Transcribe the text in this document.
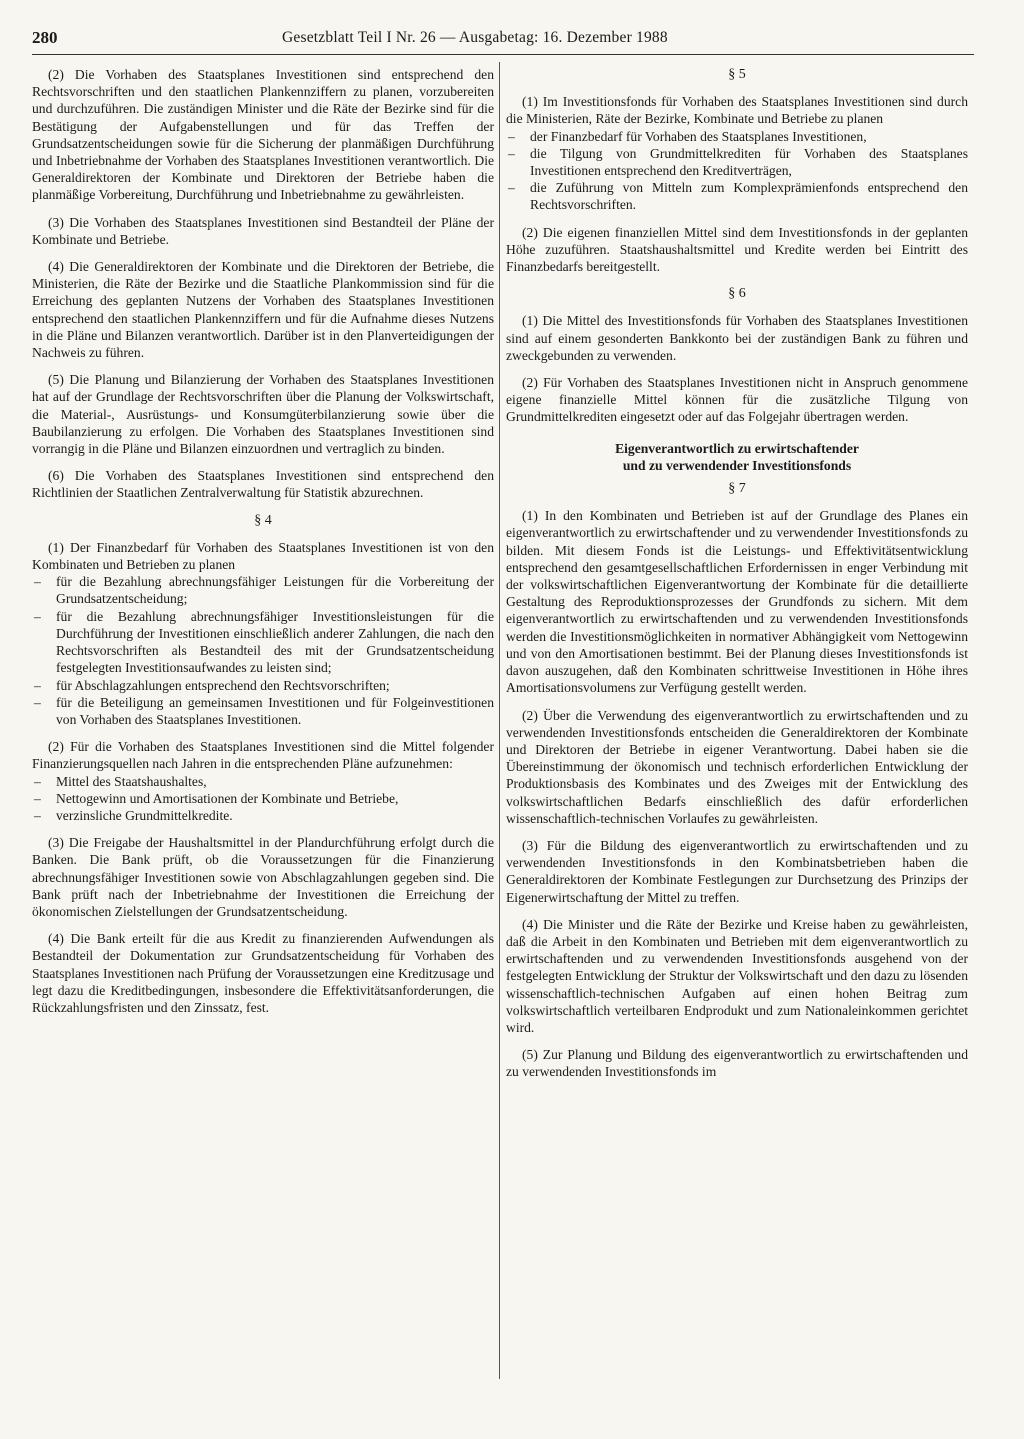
280	Gesetzblatt Teil I Nr. 26 — Ausgabetag: 16. Dezember 1988

(2) Die Vorhaben des Staatsplanes Investitionen sind entsprechend den Rechtsvorschriften und den staatlichen Plankennziffern zu planen, vorzubereiten und durchzuführen. Die zuständigen Minister und die Räte der Bezirke sind für die Bestätigung der Aufgabenstellungen und für das Treffen der Grundsatzentscheidungen sowie für die Sicherung der planmäßigen Durchführung und Inbetriebnahme der Vorhaben des Staatsplanes Investitionen verantwortlich. Die Generaldirektoren der Kombinate und Direktoren der Betriebe haben die planmäßige Vorbereitung, Durchführung und Inbetriebnahme zu gewährleisten.

(3) Die Vorhaben des Staatsplanes Investitionen sind Bestandteil der Pläne der Kombinate und Betriebe.

(4) Die Generaldirektoren der Kombinate und die Direktoren der Betriebe, die Ministerien, die Räte der Bezirke und die Staatliche Plankommission sind für die Erreichung des geplanten Nutzens der Vorhaben des Staatsplanes Investitionen entsprechend den staatlichen Plankennziffern und für die Aufnahme dieses Nutzens in die Pläne und Bilanzen verantwortlich. Darüber ist in den Planverteidigungen der Nachweis zu führen.

(5) Die Planung und Bilanzierung der Vorhaben des Staatsplanes Investitionen hat auf der Grundlage der Rechtsvorschriften über die Planung der Volkswirtschaft, die Material-, Ausrüstungs- und Konsumgüterbilanzierung sowie über die Baubilanzierung zu erfolgen. Die Vorhaben des Staatsplanes Investitionen sind vorrangig in die Pläne und Bilanzen einzuordnen und vertraglich zu binden.

(6) Die Vorhaben des Staatsplanes Investitionen sind entsprechend den Richtlinien der Staatlichen Zentralverwaltung für Statistik abzurechnen.

§ 4

(1) Der Finanzbedarf für Vorhaben des Staatsplanes Investitionen ist von den Kombinaten und Betrieben zu planen

– für die Bezahlung abrechnungsfähiger Leistungen für die Vorbereitung der Grundsatzentscheidung;
– für die Bezahlung abrechnungsfähiger Investitionsleistungen für die Durchführung der Investitionen einschließlich anderer Zahlungen, die nach den Rechtsvorschriften als Bestandteil des mit der Grundsatzentscheidung festgelegten Investitionsaufwandes zu leisten sind;
– für Abschlagzahlungen entsprechend den Rechtsvorschriften;
– für die Beteiligung an gemeinsamen Investitionen und für Folgeinvestitionen von Vorhaben des Staatsplanes Investitionen.

(2) Für die Vorhaben des Staatsplanes Investitionen sind die Mittel folgender Finanzierungsquellen nach Jahren in die entsprechenden Pläne aufzunehmen:

– Mittel des Staatshaushaltes,
– Nettogewinn und Amortisationen der Kombinate und Betriebe,
– verzinsliche Grundmittelkredite.

(3) Die Freigabe der Haushaltsmittel in der Plandurchführung erfolgt durch die Banken. Die Bank prüft, ob die Voraussetzungen für die Finanzierung abrechnungsfähiger Investitionen sowie von Abschlagzahlungen gegeben sind. Die Bank prüft nach der Inbetriebnahme der Investitionen die Erreichung der ökonomischen Zielstellungen der Grundsatzentscheidung.

(4) Die Bank erteilt für die aus Kredit zu finanzierenden Aufwendungen als Bestandteil der Dokumentation zur Grundsatzentscheidung für Vorhaben des Staatsplanes Investitionen nach Prüfung der Voraussetzungen eine Kreditzusage und legt dazu die Kreditbedingungen, insbesondere die Effektivitätsanforderungen, die Rückzahlungsfristen und den Zinssatz, fest.

§ 5

(1) Im Investitionsfonds für Vorhaben des Staatsplanes Investitionen sind durch die Ministerien, Räte der Bezirke, Kombinate und Betriebe zu planen

– der Finanzbedarf für Vorhaben des Staatsplanes Investitionen,
– die Tilgung von Grundmittelkrediten für Vorhaben des Staatsplanes Investitionen entsprechend den Kreditverträgen,
– die Zuführung von Mitteln zum Komplexprämienfonds entsprechend den Rechtsvorschriften.

(2) Die eigenen finanziellen Mittel sind dem Investitionsfonds in der geplanten Höhe zuzuführen. Staatshaushaltsmittel und Kredite werden bei Eintritt des Finanzbedarfs bereitgestellt.

§ 6

(1) Die Mittel des Investitionsfonds für Vorhaben des Staatsplanes Investitionen sind auf einem gesonderten Bankkonto bei der zuständigen Bank zu führen und zweckgebunden zu verwenden.

(2) Für Vorhaben des Staatsplanes Investitionen nicht in Anspruch genommene eigene finanzielle Mittel können für die zusätzliche Tilgung von Grundmittelkrediten eingesetzt oder auf das Folgejahr übertragen werden.

Eigenverantwortlich zu erwirtschaftender
und zu verwendender Investitionsfonds
§ 7

(1) In den Kombinaten und Betrieben ist auf der Grundlage des Planes ein eigenverantwortlich zu erwirtschaftender und zu verwendender Investitionsfonds zu bilden. Mit diesem Fonds ist die Leistungs- und Effektivitätsentwicklung entsprechend den gesamtgesellschaftlichen Erfordernissen in enger Verbindung mit der volkswirtschaftlichen Eigenverantwortung der Kombinate für die detaillierte Gestaltung des Reproduktionsprozesses der Grundfonds zu sichern. Mit dem eigenverantwortlich zu erwirtschaftenden und zu verwendenden Investitionsfonds werden die Investitionsmöglichkeiten in normativer Abhängigkeit vom Nettogewinn und von den Amortisationen bestimmt. Bei der Planung dieses Investitionsfonds ist davon auszugehen, daß den Kombinaten schrittweise Investitionen in Höhe ihres Amortisationsvolumens zur Verfügung gestellt werden.

(2) Über die Verwendung des eigenverantwortlich zu erwirtschaftenden und zu verwendenden Investitionsfonds entscheiden die Generaldirektoren der Kombinate und Direktoren der Betriebe in eigener Verantwortung. Dabei haben sie die Übereinstimmung der ökonomisch und technisch erforderlichen Entwicklung der Produktionsbasis des Kombinates und des Zweiges mit der Entwicklung des volkswirtschaftlichen Bedarfs einschließlich des dafür erforderlichen wissenschaftlich-technischen Vorlaufes zu gewährleisten.

(3) Für die Bildung des eigenverantwortlich zu erwirtschaftenden und zu verwendenden Investitionsfonds in den Kombinatsbetrieben haben die Generaldirektoren der Kombinate Festlegungen zur Durchsetzung des Prinzips der Eigenerwirtschaftung der Mittel zu treffen.

(4) Die Minister und die Räte der Bezirke und Kreise haben zu gewährleisten, daß die Arbeit in den Kombinaten und Betrieben mit dem eigenverantwortlich zu erwirtschaftenden und zu verwendenden Investitionsfonds ausgehend von der festgelegten Entwicklung der Struktur der Volkswirtschaft und den dazu zu lösenden wissenschaftlich-technischen Aufgaben auf einen hohen Beitrag zum volkswirtschaftlich verteilbaren Endprodukt und zum Nationaleinkommen gerichtet wird.

(5) Zur Planung und Bildung des eigenverantwortlich zu erwirtschaftenden und zu verwendenden Investitionsfonds im
